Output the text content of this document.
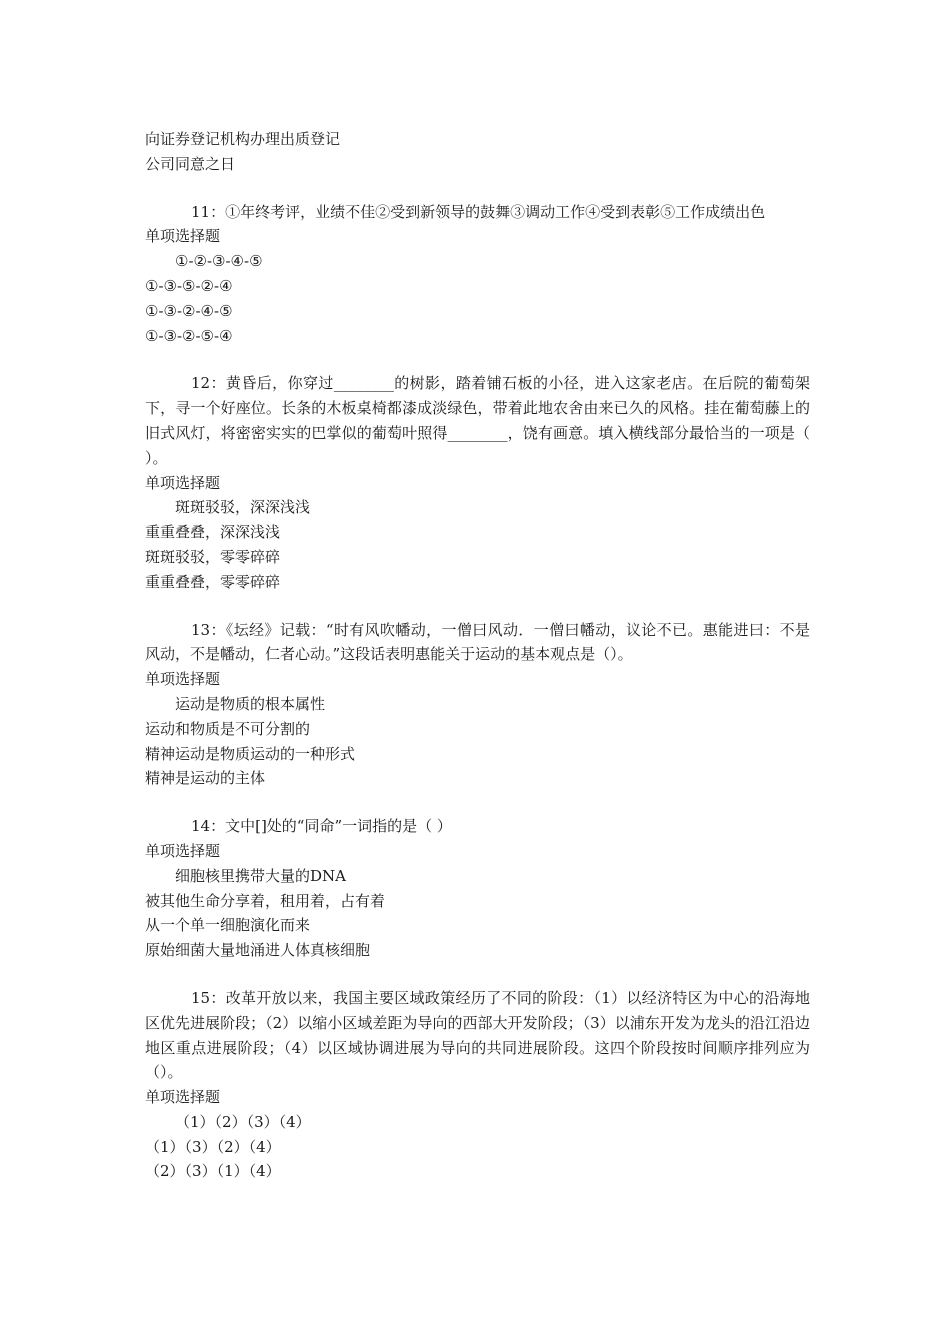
向证券登记机构办理出质登记

公司同意之日

11：①年终考评，业绩不佳②受到新领导的鼓舞③调动工作④受到表彰⑤工作成绩出色

单项选择题

①-②-③-④-⑤
①-③-⑤-②-④
①-③-②-④-⑤
①-③-②-⑤-④

12：黄昏后，你穿过________的树影，踏着铺石板的小径，进入这家老店。在后院的葡萄架下，寻一个好座位。长条的木板桌椅都漆成淡绿色，带着此地农舍由来已久的风格。挂在葡萄藤上的旧式风灯，将密密实实的巴掌似的葡萄叶照得________，饶有画意。填入横线部分最恰当的一项是（ ）。

单项选择题

斑斑驳驳，深深浅浅
重重叠叠，深深浅浅
斑斑驳驳，零零碎碎
重重叠叠，零零碎碎

13：《坛经》记载：“时有风吹幡动，一僧曰风动．一僧曰幡动，议论不已。惠能进曰：不是风动，不是幡动，仁者心动。”这段话表明惠能关于运动的基本观点是（）。

单项选择题

运动是物质的根本属性
运动和物质是不可分割的
精神运动是物质运动的一种形式
精神是运动的主体

14：文中[]处的“同命”一词指的是（ ）

单项选择题

细胞核里携带大量的DNA
被其他生命分享着，租用着，占有着
从一个单一细胞演化而来
原始细菌大量地涌进人体真核细胞

15：改革开放以来，我国主要区域政策经历了不同的阶段：（1）以经济特区为中心的沿海地区优先进展阶段；（2）以缩小区域差距为导向的西部大开发阶段；（3）以浦东开发为龙头的沿江沿边地区重点进展阶段；（4）以区域协调进展为导向的共同进展阶段。这四个阶段按时间顺序排列应为（）。

单项选择题

（1）（2）（3）（4）
（1）（3）（2）（4）
（2）（3）（1）（4）
